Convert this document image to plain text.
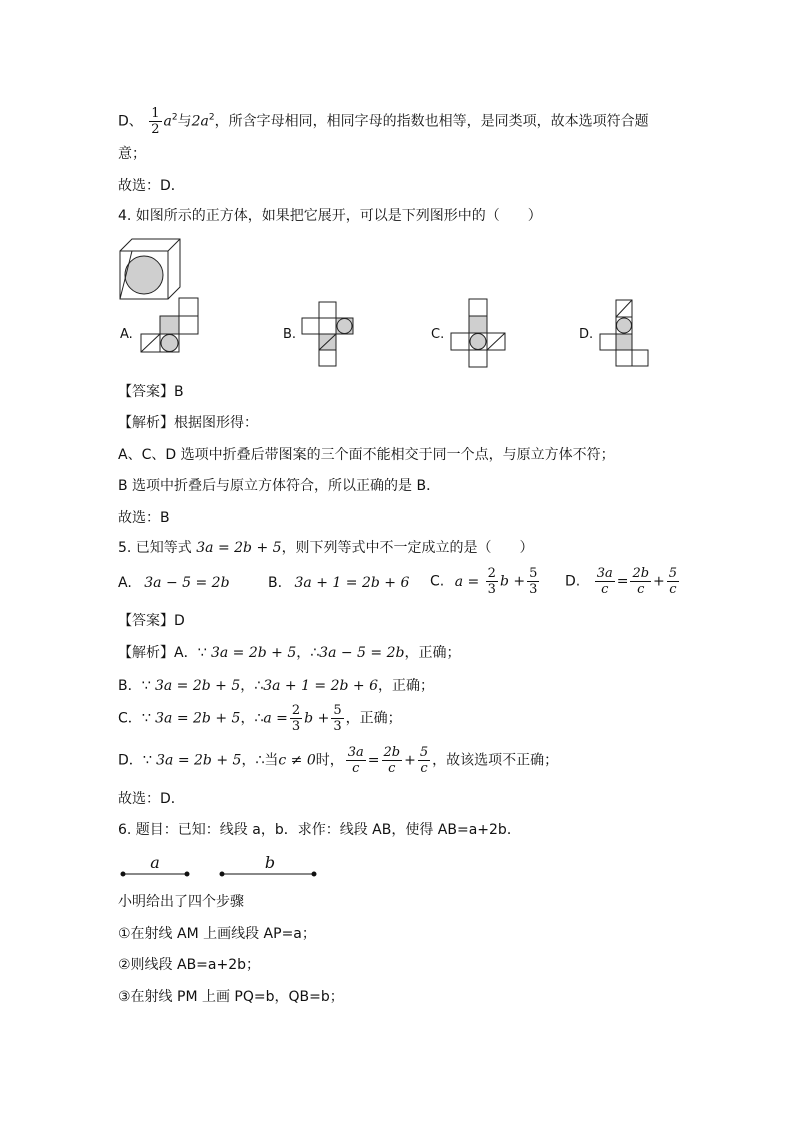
D、 $\frac{1}{2} a^2$与$2a^2$，所含字母相同，相同字母的指数也相等，是同类项，故本选项符合题
意；
故选：D．
4. 如图所示的正方体，如果把它展开，可以是下列图形中的（　　）
A.	B.	C.	D.
【答案】B
【解析】根据图形得：
A、C、D 选项中折叠后带图案的三个面不能相交于同一个点，与原立方体不符；
B 选项中折叠后与原立方体符合，所以正确的是 B．
故选：B
5. 已知等式 3a = 2b + 5，则下列等式中不一定成立的是（　　）
A. 3a − 5 = 2b	B. 3a + 1 = 2b + 6 C. $a = \frac{2}{3}$ $b + \frac{5}{3} D$. $\frac{3a}{c} = \frac{2b}{c} + \frac{5}{c}$
【答案】D
【解析】A．∵ 3a = 2b + 5，∴3a − 5 = 2b，正确；
B．∵ 3a = 2b + 5，∴3a + 1 = 2b + 6，正确；
C．∵ 3a = 2b + 5，∴a = $\frac{2}{3}$ $b + \frac{5}{3}$ ，正确；
D．∵ 3a = 2b + 5，∴当c ≠ 0时， $\frac{3a}{c} = \frac{2b}{c} + \frac{5}{c}$ ，故该选项不正确；
故选：D．
6. 题目：已知：线段 a，b．求作：线段 AB，使得 AB=a+2b．
a	b
小明给出了四个步骤
①在射线 AM 上画线段 AP=a；
②则线段 AB=a+2b；
③在射线 PM 上画 PQ=b，QB=b；
